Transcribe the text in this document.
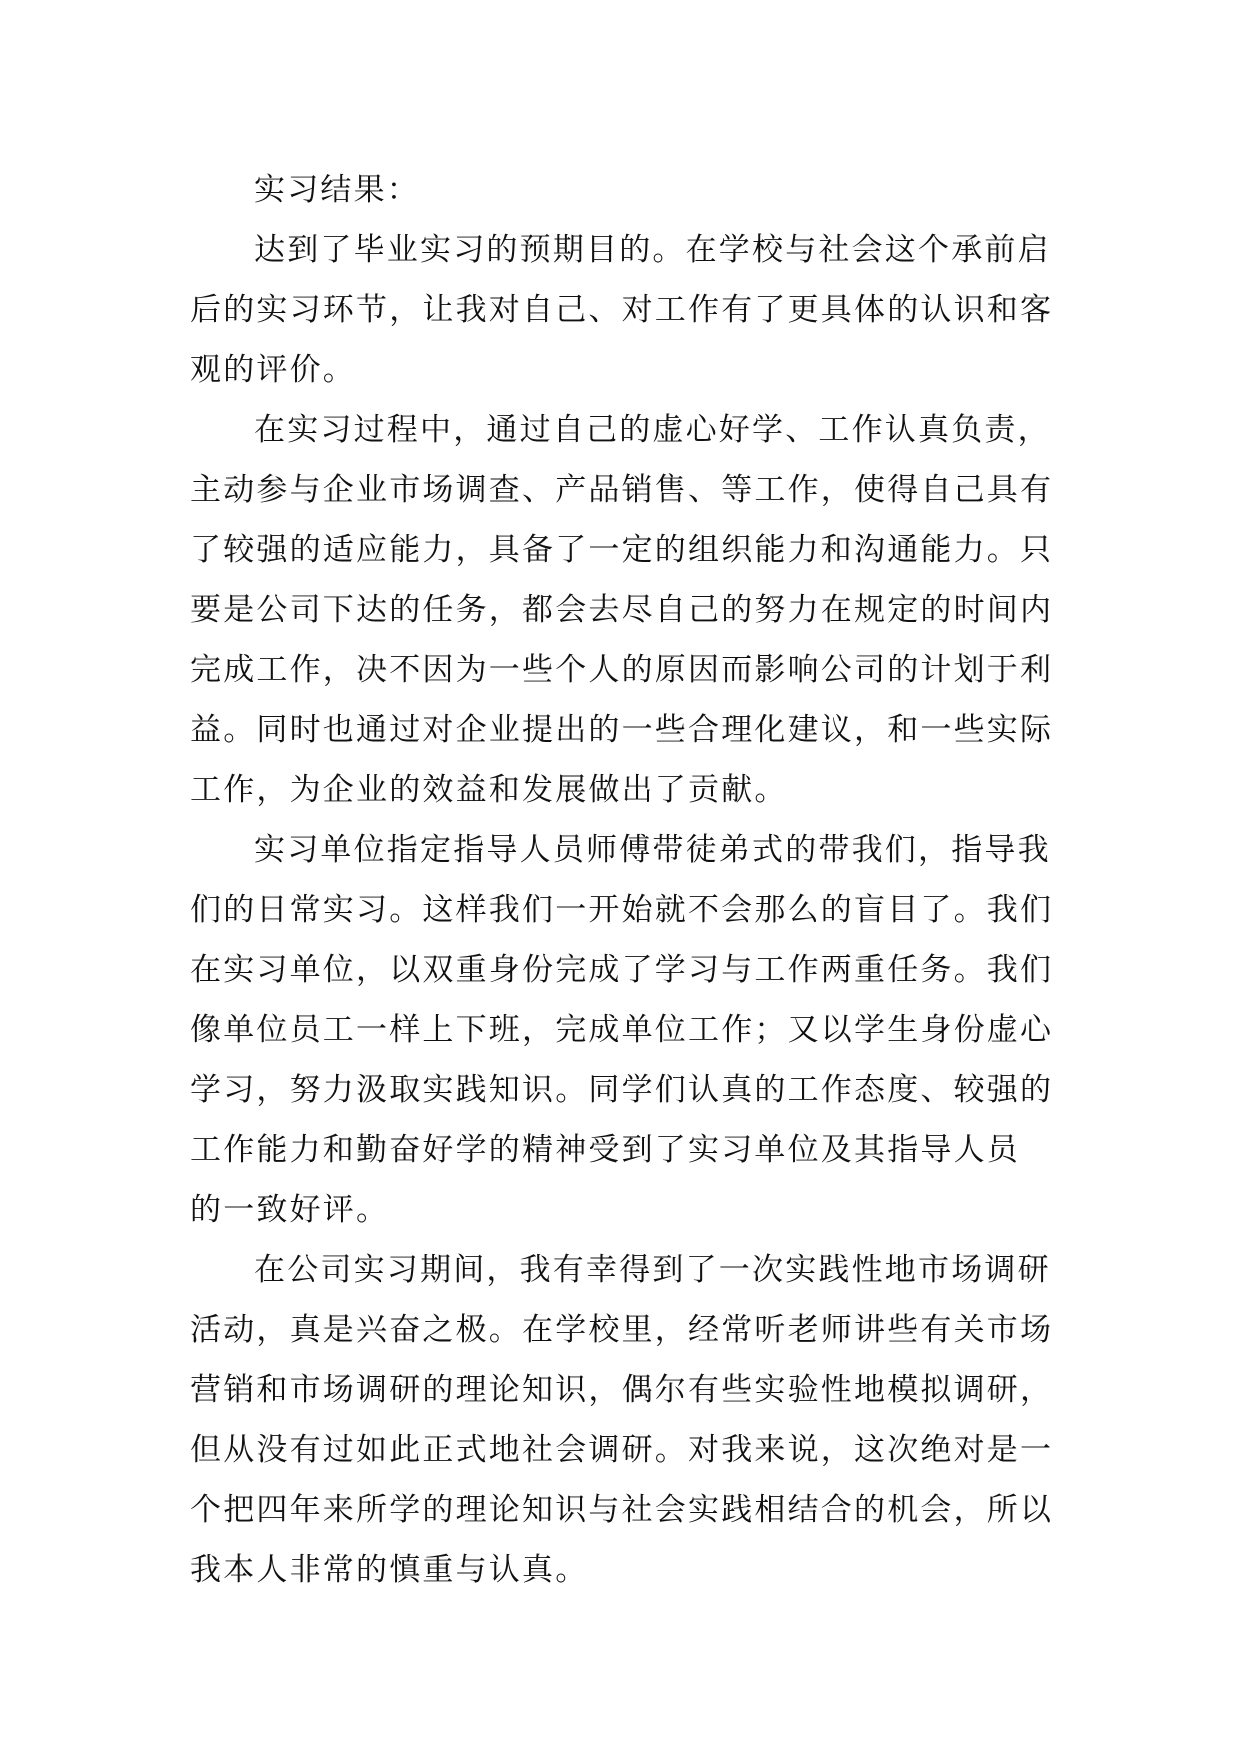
实习结果：

达到了毕业实习的预期目的。在学校与社会这个承前启
后的实习环节，让我对自己、对工作有了更具体的认识和客
观的评价。

在实习过程中，通过自己的虚心好学、工作认真负责，
主动参与企业市场调查、产品销售、等工作，使得自己具有
了较强的适应能力，具备了一定的组织能力和沟通能力。只
要是公司下达的任务，都会去尽自己的努力在规定的时间内
完成工作，决不因为一些个人的原因而影响公司的计划于利
益。同时也通过对企业提出的一些合理化建议，和一些实际
工作，为企业的效益和发展做出了贡献。

实习单位指定指导人员师傅带徒弟式的带我们，指导我
们的日常实习。这样我们一开始就不会那么的盲目了。我们
在实习单位，以双重身份完成了学习与工作两重任务。我们
像单位员工一样上下班，完成单位工作；又以学生身份虚心
学习，努力汲取实践知识。同学们认真的工作态度、较强的
工作能力和勤奋好学的精神受到了实习单位及其指导人员
的一致好评。

在公司实习期间，我有幸得到了一次实践性地市场调研
活动，真是兴奋之极。在学校里，经常听老师讲些有关市场
营销和市场调研的理论知识，偶尔有些实验性地模拟调研，
但从没有过如此正式地社会调研。对我来说，这次绝对是一
个把四年来所学的理论知识与社会实践相结合的机会，所以
我本人非常的慎重与认真。
